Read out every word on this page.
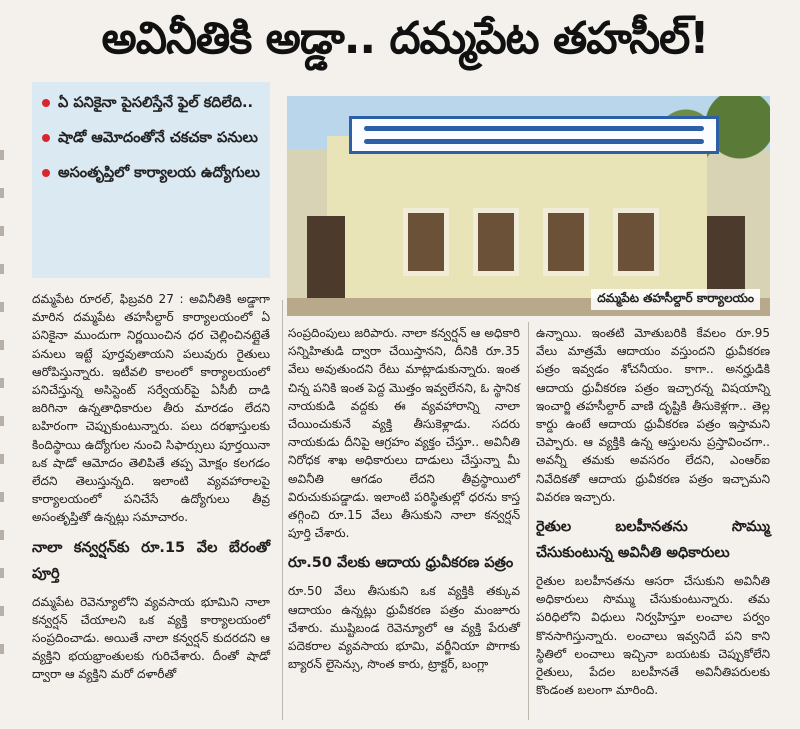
అవినీతికి అడ్డా.. దమ్మపేట తహసీల్‌!
ఏ పనికైనా పైసలిస్తేనే ఫైల్‌ కదిలేది..
షాడో ఆమోదంతోనే చకచకా పనులు
అసంతృప్తిలో కార్యాలయ ఉద్యోగులు
దమ్మపేట తహసీల్దార్‌ కార్యాలయం

దమ్మపేట రూరల్‌, ఫిబ్రవరి 27 : అవినీతికి అడ్డాగా మారిన దమ్మపేట తహసీల్దార్‌ కార్యాలయంలో ఏ పనికైనా ముందుగా నిర్ణయించిన ధర చెల్లించినట్లైతే పనులు ఇట్టే పూర్తవుతాయని పలువురు రైతులు ఆరోపిస్తున్నారు. ఇటీవలి కాలంలో కార్యాలయంలో పనిచేస్తున్న అసిస్టెంట్‌ సర్వేయర్‌పై ఏసీబీ దాడి జరిగినా ఉన్నతాధికారుల తీరు మారడం లేదని బహిరంగా చెప్పుకుంటున్నారు. పలు దరఖాస్తులకు కిందిస్థాయి ఉద్యోగుల నుంచి సిఫార్సులు పూర్తయినా ఒక షాడో ఆమోదం తెలిపితే తప్ప మోక్షం కలగడం లేదని తెలుస్తున్నది. ఇలాంటి వ్యవహారాలపై కార్యాలయంలో పనిచేసే ఉద్యోగులు తీవ్ర అసంతృప్తితో ఉన్నట్లు సమాచారం.

నాలా కన్వర్షన్‌కు రూ.15 వేల బేరంతో పూర్తి

దమ్మపేట రెవెన్యూలోని వ్యవసాయ భూమిని నాలా కన్వర్షన్‌ చేయాలని ఒక వ్యక్తి కార్యాలయంలో సంప్రదించాడు. అయితే నాలా కన్వర్షన్‌ కుదరదని ఆ వ్యక్తిని భయభ్రాంతులకు గురిచేశారు. దీంతో షాడో ద్వారా ఆ వ్యక్తిని మరో దళారీతో

సంప్రదింపులు జరిపారు. నాలా కన్వర్షన్‌ ఆ అధికారి సన్నిహితుడి ద్వారా చేయిస్తానని, దీనికి రూ.35 వేలు అవుతుందని రేటు మాట్లాడుకున్నారు. ఇంత చిన్న పనికి ఇంత పెద్ద మొత్తం ఇవ్వలేనని, ఓ స్థానిక నాయకుడి వద్దకు ఈ వ్యవహారాన్ని నాలా చేయించుకునే వ్యక్తి తీసుకెళ్లాడు. సదరు నాయకుడు దీనిపై ఆగ్రహం వ్యక్తం చేస్తూ.. అవినీతి నిరోధక శాఖ అధికారులు దాడులు చేస్తున్నా మీ అవినీతి ఆగడం లేదని తీవ్రస్థాయిలో విరుచుకుపడ్డాడు. ఇలాంటి పరిస్థితుల్లో ధరను కాస్త తగ్గించి రూ.15 వేలు తీసుకుని నాలా కన్వర్షన్‌ పూర్తి చేశారు.

రూ.50 వేలకు ఆదాయ ధ్రువీకరణ పత్రం

రూ.50 వేలు తీసుకుని ఒక వ్యక్తికి తక్కువ ఆదాయం ఉన్నట్లు ధ్రువీకరణ పత్రం మంజూరు చేశారు. ముష్టిబండ రెవెన్యూలో ఆ వ్యక్తి పేరుతో పదెకరాల వ్యవసాయ భూమి, వర్జీనియా పొగాకు బ్యారన్‌ లైసెన్సు, సొంత కారు, ట్రాక్టర్‌, బంగ్లా

ఉన్నాయి. ఇంతటి మోతుబరికి కేవలం రూ.95 వేలు మాత్రమే ఆదాయం వస్తుందని ధ్రువీకరణ పత్రం ఇవ్వడం శోచనీయం. కాగా.. అనర్హుడికి ఆదాయ ధ్రువీకరణ పత్రం ఇచ్చారన్న విషయాన్ని ఇంచార్జి తహసీల్దార్‌ వాణి దృష్టికి తీసుకెళ్లగా.. తెల్ల కార్డు ఉంటే ఆదాయ ధ్రువీకరణ పత్రం ఇస్తామని చెప్పారు. ఆ వ్యక్తికి ఉన్న ఆస్తులను ప్రస్తావించగా.. అవన్నీ తమకు అవసరం లేదని, ఎంఆర్‌ఐ నివేదికతో ఆదాయ ధ్రువీకరణ పత్రం ఇచ్చామని వివరణ ఇచ్చారు.

రైతుల బలహీనతను సొమ్ము చేసుకుంటున్న అవినీతి అధికారులు

రైతుల బలహీనతను ఆసరా చేసుకుని అవినీతి అధికారులు సొమ్ము చేసుకుంటున్నారు. తమ పరిధిలోని విధులు నిర్వహిస్తూ లంచాల పర్వం కొనసాగిస్తున్నారు. లంచాలు ఇవ్వనిదే పని కాని స్థితిలో లంచాలు ఇచ్చినా బయటకు చెప్పుకోలేని రైతులు, పేదల బలహీనతే అవినీతిపరులకు కొండంత బలంగా మారింది.
